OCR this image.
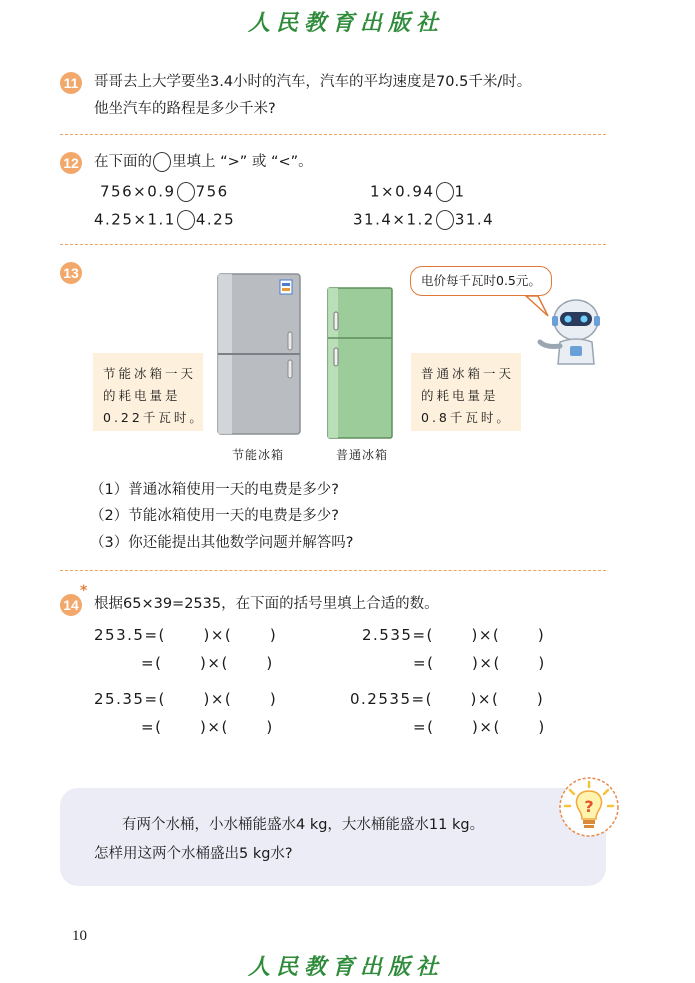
人民教育出版社
11 哥哥去上大学要坐3.4小时的汽车，汽车的平均速度是70.5千米/时。
他坐汽车的路程是多少千米?
12 在下面的 里填上 “>” 或 “<”。
756×0.9 756	1×0.94 1
4.25×1.1 4.25	31.4×1.2 31.4
13
节能冰箱一天
的耗电量是
0.22千瓦时。
节能冰箱	普通冰箱
普通冰箱一天
的耗电量是
0.8千瓦时。
电价每千瓦时0.5元。
（1）普通冰箱使用一天的电费是多少?
（2）节能冰箱使用一天的电费是多少?
（3）你还能提出其他数学问题并解答吗?
*
14 根据65×39=2535，在下面的括号里填上合适的数。
253.5=(      )×(      )
=(      )×(      )
2.535=(      )×(      )
=(      )×(      )
25.35=(      )×(      )
=(      )×(      )
0.2535=(      )×(      )
=(      )×(      )
有两个水桶，小水桶能盛水4 kg，大水桶能盛水11 kg。
怎样用这两个水桶盛出5 kg水?
?
10
人民教育出版社
